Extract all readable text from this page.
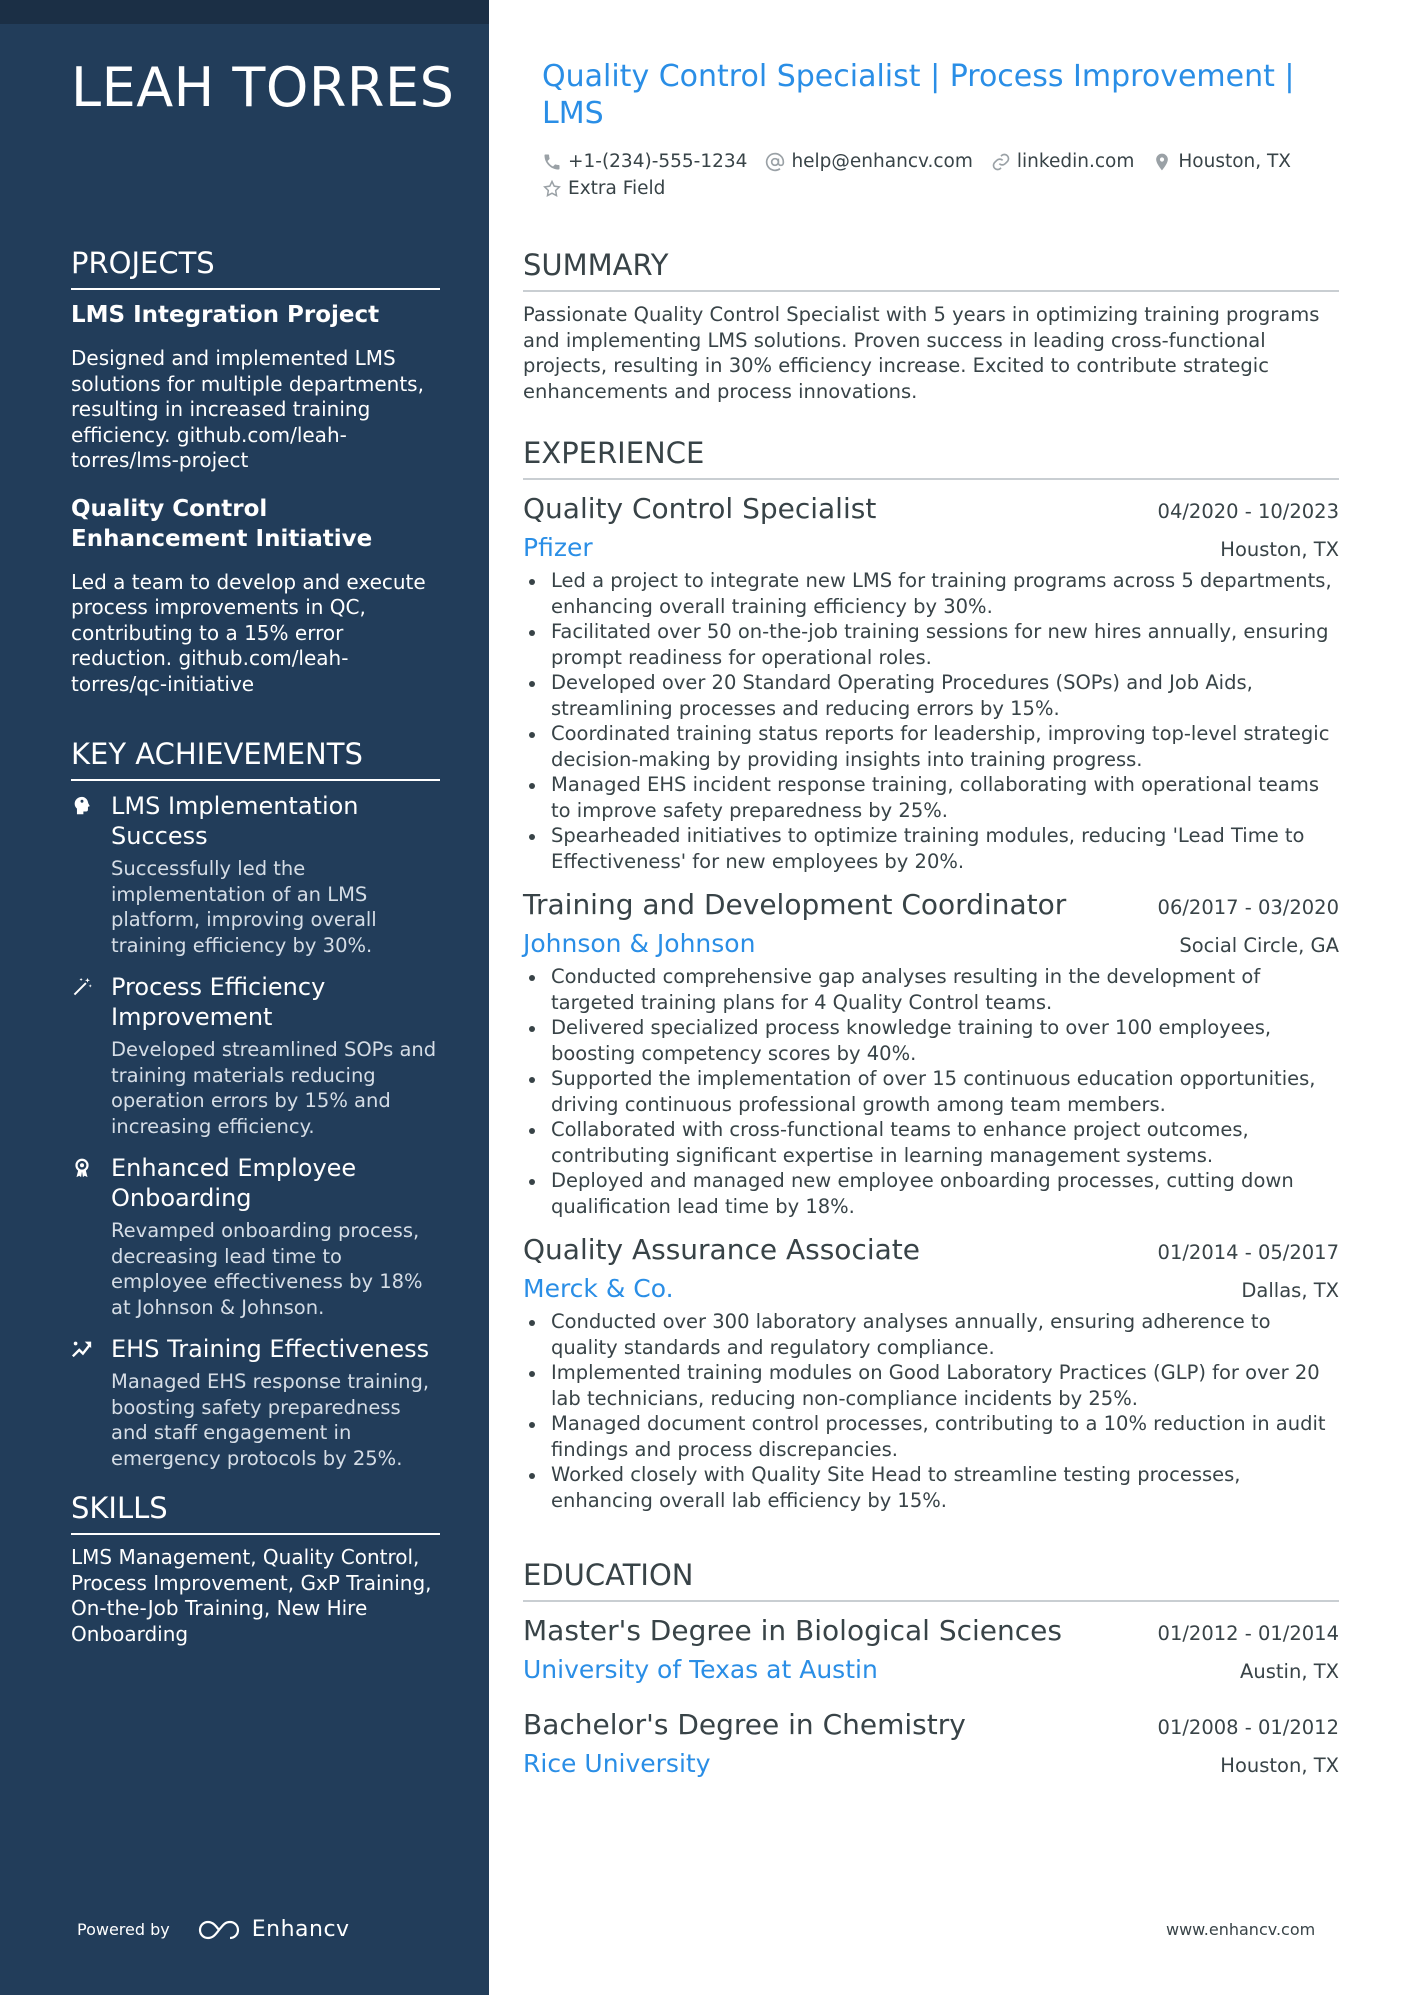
LEAH TORRES
PROJECTS
LMS Integration Project
Designed and implemented LMS solutions for multiple departments, resulting in increased training efficiency. github.com/leah-torres/lms-project
Quality Control Enhancement Initiative
Led a team to develop and execute process improvements in QC, contributing to a 15% error reduction. github.com/leah-torres/qc-initiative
KEY ACHIEVEMENTS
LMS Implementation Success
Successfully led the implementation of an LMS platform, improving overall training efficiency by 30%.
Process Efficiency Improvement
Developed streamlined SOPs and training materials reducing operation errors by 15% and increasing efficiency.
Enhanced Employee Onboarding
Revamped onboarding process, decreasing lead time to employee effectiveness by 18% at Johnson & Johnson.
EHS Training Effectiveness
Managed EHS response training, boosting safety preparedness and staff engagement in emergency protocols by 25%.
SKILLS
LMS Management, Quality Control, Process Improvement, GxP Training, On-the-Job Training, New Hire Onboarding
Powered by	Enhancv
Quality Control Specialist | Process Improvement | LMS
+1-(234)-555-1234 help@enhancv.com linkedin.com Houston, TX
Extra Field
SUMMARY
Passionate Quality Control Specialist with 5 years in optimizing training programs and implementing LMS solutions. Proven success in leading cross-functional projects, resulting in 30% efficiency increase. Excited to contribute strategic enhancements and process innovations.
EXPERIENCE
Quality Control Specialist	04/2020 - 10/2023
Pfizer	Houston, TX
Led a project to integrate new LMS for training programs across 5 departments, enhancing overall training efficiency by 30%.
Facilitated over 50 on-the-job training sessions for new hires annually, ensuring prompt readiness for operational roles.
Developed over 20 Standard Operating Procedures (SOPs) and Job Aids, streamlining processes and reducing errors by 15%.
Coordinated training status reports for leadership, improving top-level strategic decision-making by providing insights into training progress.
Managed EHS incident response training, collaborating with operational teams to improve safety preparedness by 25%.
Spearheaded initiatives to optimize training modules, reducing 'Lead Time to Effectiveness' for new employees by 20%.
Training and Development Coordinator	06/2017 - 03/2020
Johnson & Johnson	Social Circle, GA
Conducted comprehensive gap analyses resulting in the development of targeted training plans for 4 Quality Control teams.
Delivered specialized process knowledge training to over 100 employees, boosting competency scores by 40%.
Supported the implementation of over 15 continuous education opportunities, driving continuous professional growth among team members.
Collaborated with cross-functional teams to enhance project outcomes, contributing significant expertise in learning management systems.
Deployed and managed new employee onboarding processes, cutting down qualification lead time by 18%.
Quality Assurance Associate	01/2014 - 05/2017
Merck & Co.	Dallas, TX
Conducted over 300 laboratory analyses annually, ensuring adherence to quality standards and regulatory compliance.
Implemented training modules on Good Laboratory Practices (GLP) for over 20 lab technicians, reducing non-compliance incidents by 25%.
Managed document control processes, contributing to a 10% reduction in audit findings and process discrepancies.
Worked closely with Quality Site Head to streamline testing processes, enhancing overall lab efficiency by 15%.
EDUCATION
Master's Degree in Biological Sciences	01/2012 - 01/2014
University of Texas at Austin	Austin, TX
Bachelor's Degree in Chemistry	01/2008 - 01/2012
Rice University	Houston, TX
www.enhancv.com
